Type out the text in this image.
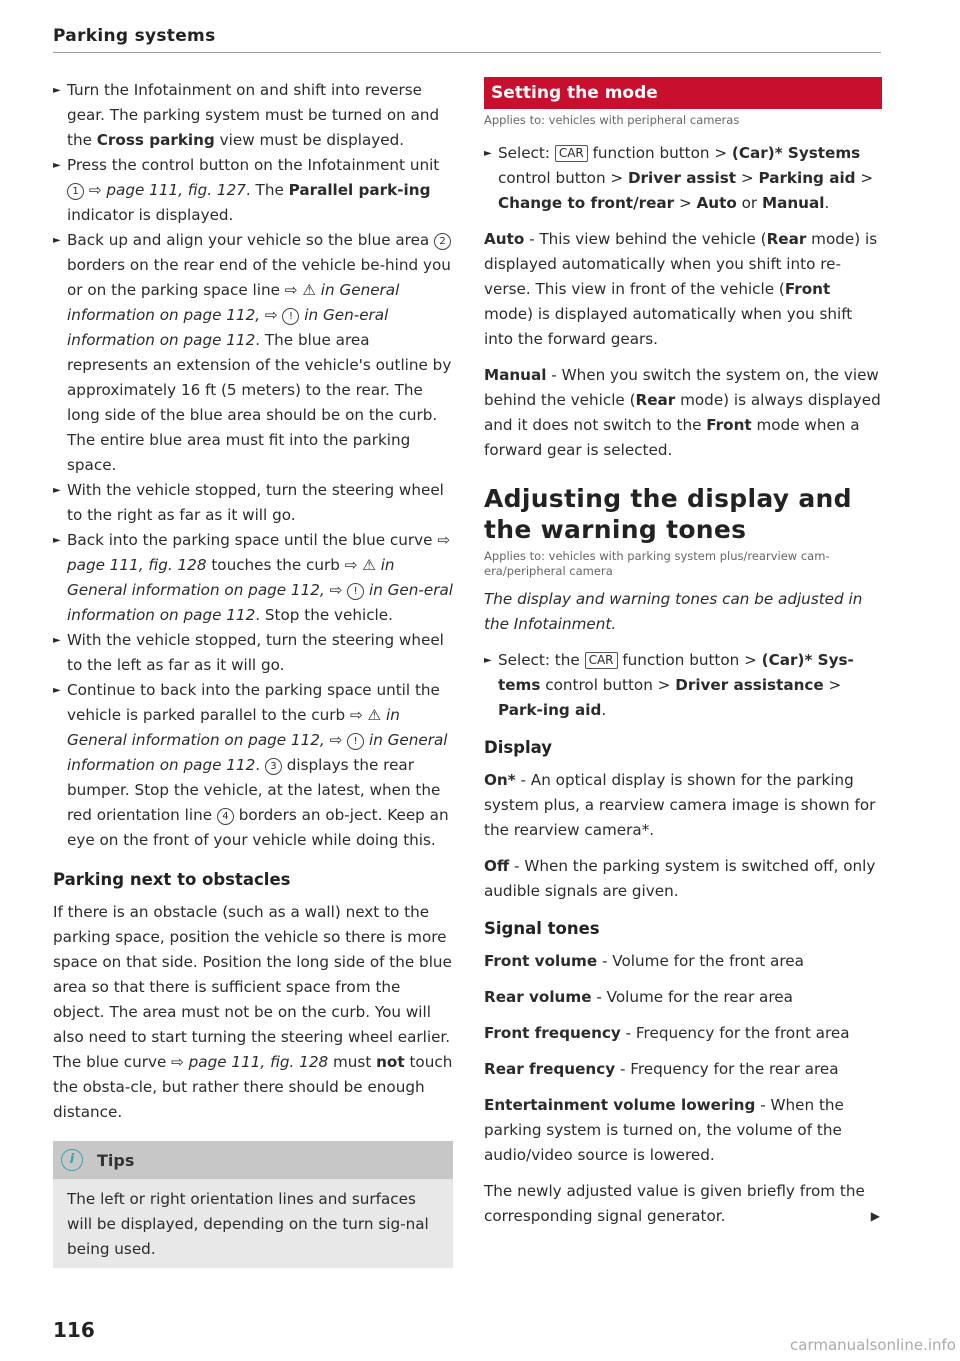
Parking systems
► Turn the Infotainment on and shift into reverse gear. The parking system must be turned on and the Cross parking view must be displayed.
► Press the control button on the Infotainment unit 1 ⇨ page 111, fig. 127. The Parallel park-ing indicator is displayed.
► Back up and align your vehicle so the blue area 2 borders on the rear end of the vehicle be-hind you or on the parking space line ⇨ ⚠ in General information on page 112, ⇨ ! in Gen-eral information on page 112. The blue area represents an extension of the vehicle's outline by approximately 16 ft (5 meters) to the rear. The long side of the blue area should be on the curb. The entire blue area must fit into the parking space.
► With the vehicle stopped, turn the steering wheel to the right as far as it will go.
► Back into the parking space until the blue curve ⇨ page 111, fig. 128 touches the curb ⇨ ⚠ in General information on page 112, ⇨ ! in Gen-eral information on page 112. Stop the vehicle.
► With the vehicle stopped, turn the steering wheel to the left as far as it will go.
► Continue to back into the parking space until the vehicle is parked parallel to the curb ⇨ ⚠ in General information on page 112, ⇨ ! in General information on page 112. 3 displays the rear bumper. Stop the vehicle, at the latest, when the red orientation line 4 borders an ob-ject. Keep an eye on the front of your vehicle while doing this.
Parking next to obstacles

If there is an obstacle (such as a wall) next to the parking space, position the vehicle so there is more space on that side. Position the long side of the blue area so that there is sufficient space from the object. The area must not be on the curb. You will also need to start turning the steering wheel earlier. The blue curve ⇨ page 111, fig. 128 must not touch the obsta-cle, but rather there should be enough distance.

i	Tips
The left or right orientation lines and surfaces will be displayed, depending on the turn sig-nal being used.
Setting the mode
Applies to: vehicles with peripheral cameras
► Select: CAR function button > (Car)* Systems control button > Driver assist > Parking aid > Change to front/rear > Auto or Manual.

Auto - This view behind the vehicle (Rear mode) is displayed automatically when you shift into re-verse. This view in front of the vehicle (Front mode) is displayed automatically when you shift into the forward gears.

Manual - When you switch the system on, the view behind the vehicle (Rear mode) is always displayed and it does not switch to the Front mode when a forward gear is selected.

Adjusting the display and the warning tones
Applies to: vehicles with parking system plus/rearview cam-era/peripheral camera

The display and warning tones can be adjusted in the Infotainment.

► Select: the CAR function button > (Car)* Sys-tems control button > Driver assistance > Park-ing aid.
Display

On* - An optical display is shown for the parking system plus, a rearview camera image is shown for the rearview camera*.

Off - When the parking system is switched off, only audible signals are given.

Signal tones

Front volume - Volume for the front area

Rear volume - Volume for the rear area

Front frequency - Frequency for the front area

Rear frequency - Frequency for the rear area

Entertainment volume lowering - When the parking system is turned on, the volume of the audio/video source is lowered.

The newly adjusted value is given briefly from the corresponding signal generator.	▶

116
carmanualsonline.info
